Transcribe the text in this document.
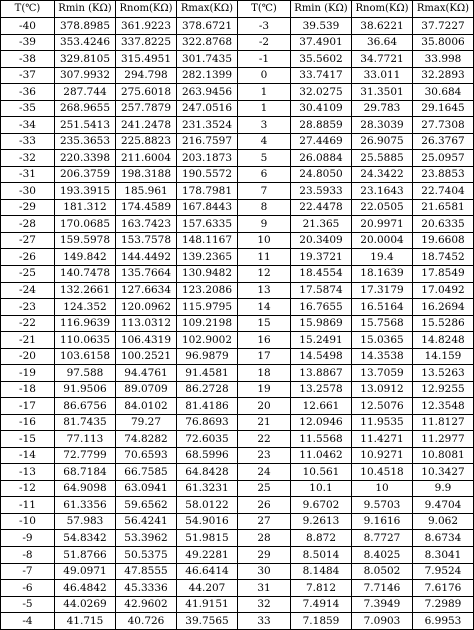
T(℃)	Rmin (KΩ)	Rnom(KΩ)	Rmax(KΩ)	T(℃)	Rmin (KΩ)	Rnom(KΩ)	Rmax(KΩ)
-40	378.8985	361.9223	378.6721	-3	39.539	38.6221	37.7227
-39	353.4246	337.8225	322.8768	-2	37.4901	36.64	35.8006
-38	329.8105	315.4951	301.7435	-1	35.5602	34.7721	33.998
-37	307.9932	294.798	282.1399	0	33.7417	33.011	32.2893
-36	287.744	275.6018	263.9456	1	32.0275	31.3501	30.684
-35	268.9655	257.7879	247.0516	1	30.4109	29.783	29.1645
-34	251.5413	241.2478	231.3524	3	28.8859	28.3039	27.7308
-33	235.3653	225.8823	216.7597	4	27.4469	26.9075	26.3767
-32	220.3398	211.6004	203.1873	5	26.0884	25.5885	25.0957
-31	206.3759	198.3188	190.5572	6	24.8050	24.3422	23.8853
-30	193.3915	185.961	178.7981	7	23.5933	23.1643	22.7404
-29	181.312	174.4589	167.8443	8	22.4478	22.0505	21.6581
-28	170.0685	163.7423	157.6335	9	21.365	20.9971	20.6335
-27	159.5978	153.7578	148.1167	10	20.3409	20.0004	19.6608
-26	149.842	144.4492	139.2365	11	19.3721	19.4	18.7452
-25	140.7478	135.7664	130.9482	12	18.4554	18.1639	17.8549
-24	132.2661	127.6634	123.2086	13	17.5874	17.3179	17.0492
-23	124.352	120.0962	115.9795	14	16.7655	16.5164	16.2694
-22	116.9639	113.0312	109.2198	15	15.9869	15.7568	15.5286
-21	110.0635	106.4319	102.9002	16	15.2491	15.0365	14.8248
-20	103.6158	100.2521	96.9879	17	14.5498	14.3538	14.159
-19	97.588	94.4761	91.4581	18	13.8867	13.7059	13.5263
-18	91.9506	89.0709	86.2728	19	13.2578	13.0912	12.9255
-17	86.6756	84.0102	81.4186	20	12.661	12.5076	12.3548
-16	81.7435	79.27	76.8693	21	12.0946	11.9535	11.8127
-15	77.113	74.8282	72.6035	22	11.5568	11.4271	11.2977
-14	72.7799	70.6593	68.5996	23	11.0462	10.9271	10.8081
-13	68.7184	66.7585	64.8428	24	10.561	10.4518	10.3427
-12	64.9098	63.0941	61.3231	25	10.1	10	9.9
-11	61.3356	59.6562	58.0122	26	9.6702	9.5703	9.4704
-10	57.983	56.4241	54.9016	27	9.2613	9.1616	9.062
-9	54.8342	53.3962	51.9815	28	8.872	8.7727	8.6734
-8	51.8766	50.5375	49.2281	29	8.5014	8.4025	8.3041
-7	49.0971	47.8555	46.6414	30	8.1484	8.0502	7.9524
-6	46.4842	45.3336	44.207	31	7.812	7.7146	7.6176
-5	44.0269	42.9602	41.9151	32	7.4914	7.3949	7.2989
-4	41.715	40.726	39.7565	33	7.1859	7.0903	6.9953
